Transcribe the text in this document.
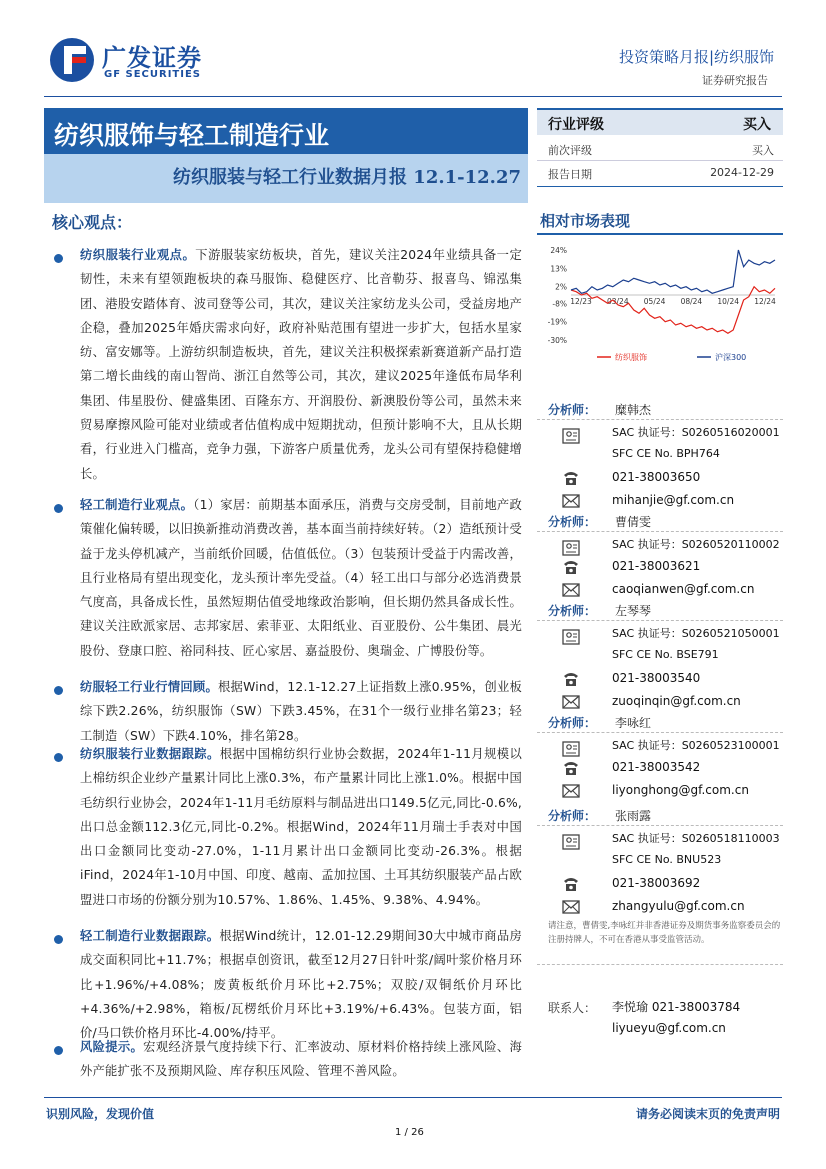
广发证券
GF SECURITIES
投资策略月报|纺织服饰
证券研究报告
纺织服饰与轻工制造行业
纺织服装与轻工行业数据月报 12.1-12.27
行业评级	买入
前次评级	买入
报告日期	2024-12-29
相对市场表现
24%
13%
2%
-8%
-19%
-30%
12/23 03/24 05/24 08/24 10/24 12/24
纺织服饰	沪深300
核心观点：
纺织服装行业观点。下游服装家纺板块，首先，建议关注2024年业绩具备一定韧性，未来有望领跑板块的森马服饰、稳健医疗、比音勒芬、报喜鸟、锦泓集团、港股安踏体育、波司登等公司，其次，建议关注家纺龙头公司，受益房地产企稳，叠加2025年婚庆需求向好，政府补贴范围有望进一步扩大，包括水星家纺、富安娜等。上游纺织制造板块，首先，建议关注积极探索新赛道新产品打造第二增长曲线的南山智尚、浙江自然等公司，其次，建议2025年逢低布局华利集团、伟星股份、健盛集团、百隆东方、开润股份、新澳股份等公司，虽然未来贸易摩擦风险可能对业绩或者估值构成中短期扰动，但预计影响不大，且从长期看，行业进入门槛高，竞争力强，下游客户质量优秀，龙头公司有望保持稳健增长。
轻工制造行业观点。（1）家居：前期基本面承压，消费与交房受制，目前地产政策催化偏转暖，以旧换新推动消费改善，基本面当前持续好转。（2）造纸预计受益于龙头停机减产，当前纸价回暖，估值低位。（3）包装预计受益于内需改善，且行业格局有望出现变化，龙头预计率先受益。（4）轻工出口与部分必选消费景气度高，具备成长性，虽然短期估值受地缘政治影响，但长期仍然具备成长性。建议关注欧派家居、志邦家居、索菲亚、太阳纸业、百亚股份、公牛集团、晨光股份、登康口腔、裕同科技、匠心家居、嘉益股份、奥瑞金、广博股份等。
纺服轻工行业行情回顾。根据Wind，12.1-12.27上证指数上涨0.95%，创业板综下跌2.26%，纺织服饰（SW）下跌3.45%，在31个一级行业排名第23；轻工制造（SW）下跌4.10%，排名第28。
纺织服装行业数据跟踪。根据中国棉纺织行业协会数据，2024年1-11月规模以上棉纺织企业纱产量累计同比上涨0.3%，布产量累计同比上涨1.0%。根据中国毛纺织行业协会，2024年1-11月毛纺原料与制品进出口149.5亿元,同比-0.6%,出口总金额112.3亿元,同比-0.2%。根据Wind，2024年11月瑞士手表对中国出口金额同比变动-27.0%，1-11月累计出口金额同比变动-26.3%。根据iFind，2024年1-10月中国、印度、越南、孟加拉国、土耳其纺织服装产品占欧盟进口市场的份额分别为10.57%、1.86%、1.45%、9.38%、4.94%。
轻工制造行业数据跟踪。根据Wind统计，12.01-12.29期间30大中城市商品房成交面积同比+11.7%；根据卓创资讯，截至12月27日针叶浆/阔叶浆价格月环比+1.96%/+4.08%；废黄板纸价月环比+2.75%；双胶/双铜纸价月环比+4.36%/+2.98%，箱板/瓦楞纸价月环比+3.19%/+6.43%。包装方面，铝价/马口铁价格月环比-4.00%/持平。
风险提示。宏观经济景气度持续下行、汇率波动、原材料价格持续上涨风险、海外产能扩张不及预期风险、库存积压风险、管理不善风险。
分析师： 糜韩杰
SAC 执证号：S0260516020001
SFC CE No. BPH764
021-38003650
mihanjie@gf.com.cn
分析师： 曹倩雯
SAC 执证号：S0260520110002
021-38003621
caoqianwen@gf.com.cn
分析师： 左琴琴
SAC 执证号：S0260521050001
SFC CE No. BSE791
021-38003540
zuoqinqin@gf.com.cn
分析师： 李咏红
SAC 执证号：S0260523100001
021-38003542
liyonghong@gf.com.cn
分析师： 张雨露
SAC 执证号：S0260518110003
SFC CE No. BNU523
021-38003692
zhangyulu@gf.com.cn
请注意，曹倩雯,李咏红并非香港证券及期货事务监察委员会的注册持牌人，不可在香港从事受监管活动。
联系人： 李悦瑜 021-38003784
liyueyu@gf.com.cn
识别风险，发现价值	请务必阅读末页的免责声明
1 / 26
